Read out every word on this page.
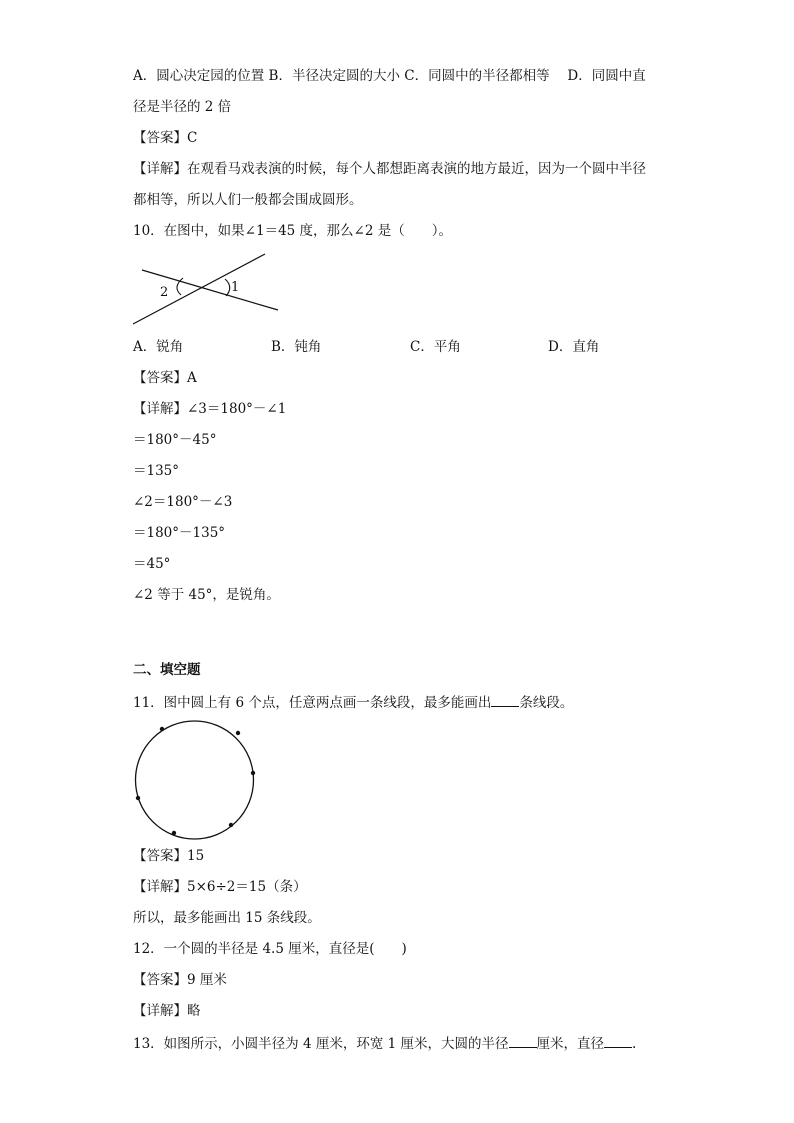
A．圆心决定园的位置 B．半径决定圆的大小 C．同圆中的半径都相等　 D．同圆中直
径是半径的 2 倍
【答案】C
【详解】在观看马戏表演的时候，每个人都想距离表演的地方最近，因为一个圆中半径
都相等，所以人们一般都会围成圆形。
10．在图中，如果∠1＝45 度，那么∠2 是（　　）。
1
2
A．锐角	B．钝角	C．平角	D．直角
【答案】A
【详解】∠3＝180°－∠1
＝180°－45°
＝135°
∠2＝180°－∠3
＝180°－135°
＝45°
∠2 等于 45°，是锐角。
二、填空题
11．图中圆上有 6 个点，任意两点画一条线段，最多能画出 条线段。
【答案】15
【详解】5×6÷2＝15（条）
所以，最多能画出 15 条线段。
12．一个圆的半径是 4.5 厘米，直径是(　　)
【答案】9 厘米
【详解】略
13．如图所示，小圆半径为 4 厘米，环宽 1 厘米，大圆的半径 厘米，直径 .
